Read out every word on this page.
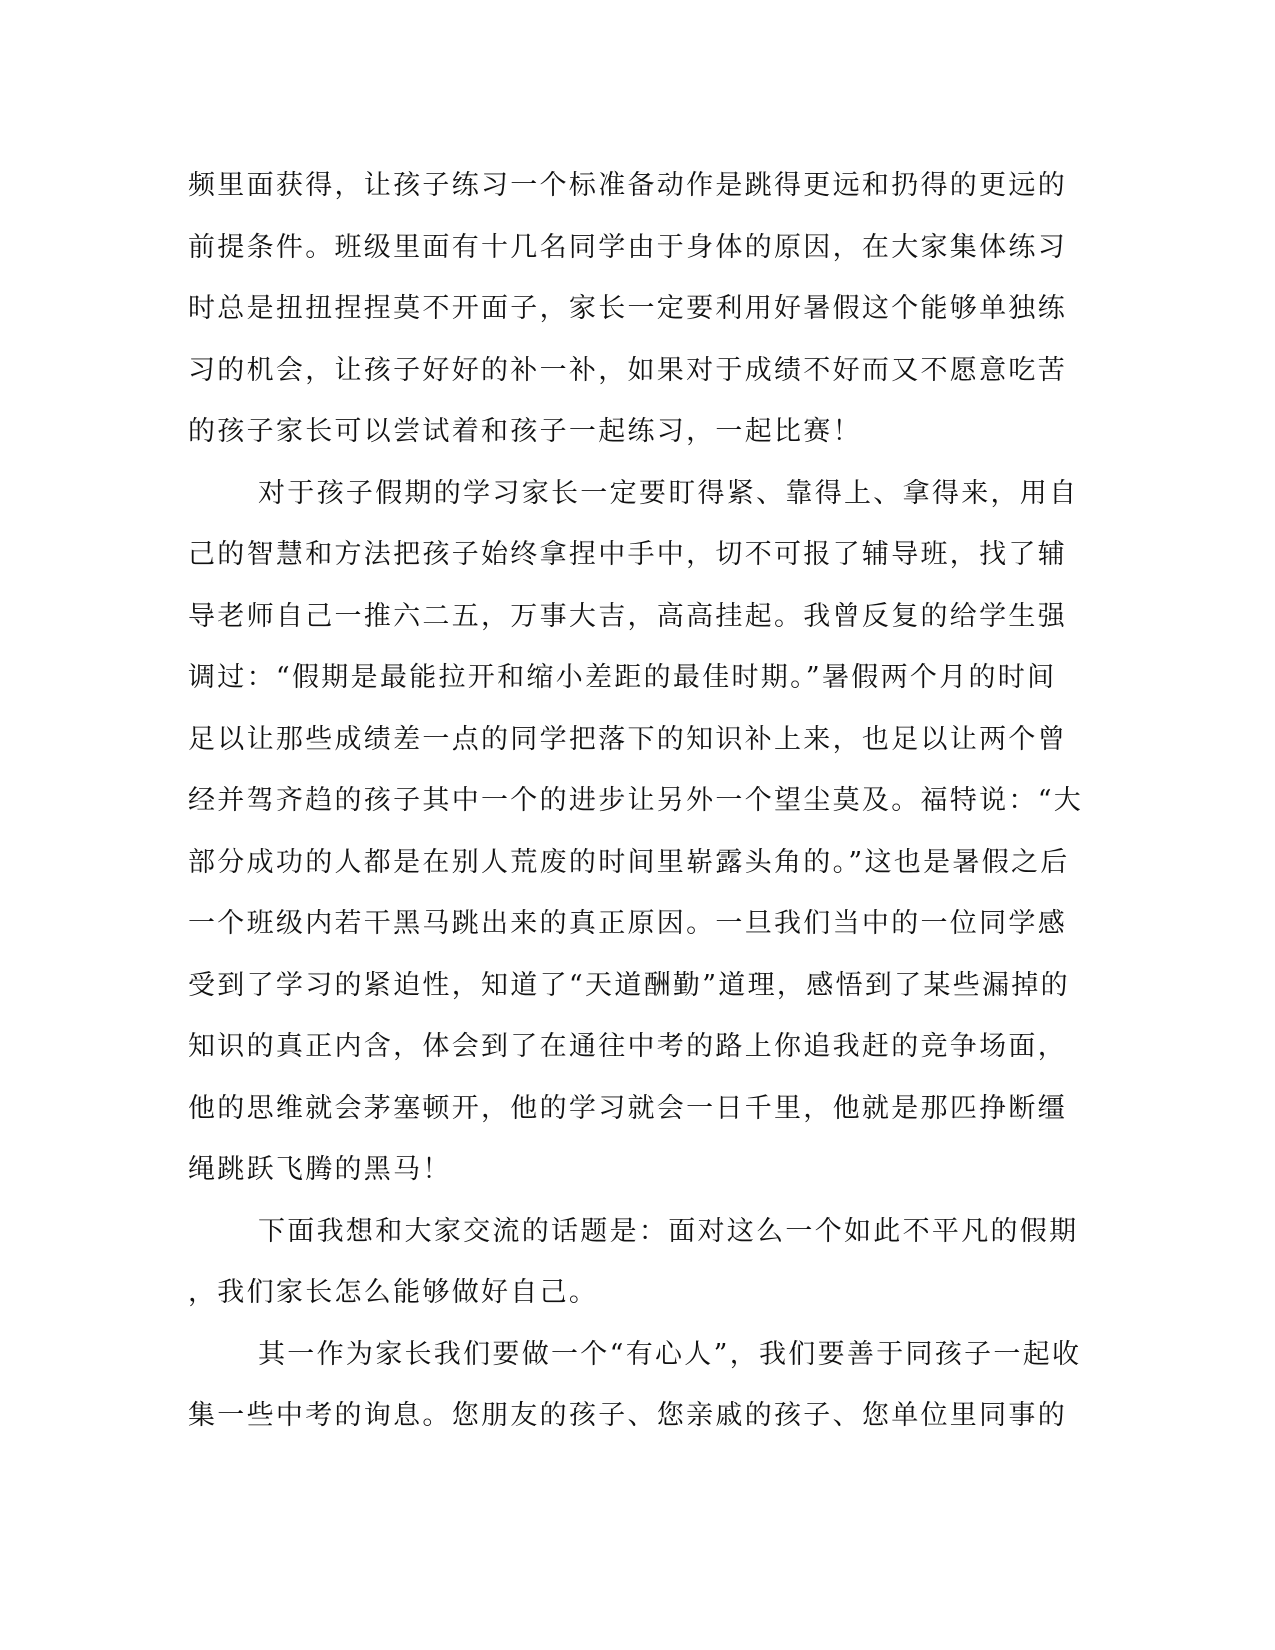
频里面获得，让孩子练习一个标准备动作是跳得更远和扔得的更远的
前提条件。班级里面有十几名同学由于身体的原因，在大家集体练习
时总是扭扭捏捏莫不开面子，家长一定要利用好暑假这个能够单独练
习的机会，让孩子好好的补一补，如果对于成绩不好而又不愿意吃苦
的孩子家长可以尝试着和孩子一起练习，一起比赛！
对于孩子假期的学习家长一定要盯得紧、靠得上、拿得来，用自
己的智慧和方法把孩子始终拿捏中手中，切不可报了辅导班，找了辅
导老师自己一推六二五，万事大吉，高高挂起。我曾反复的给学生强
调过：“假期是最能拉开和缩小差距的最佳时期。”暑假两个月的时间
足以让那些成绩差一点的同学把落下的知识补上来，也足以让两个曾
经并驾齐趋的孩子其中一个的进步让另外一个望尘莫及。福特说：“大
部分成功的人都是在别人荒废的时间里崭露头角的。”这也是暑假之后
一个班级内若干黑马跳出来的真正原因。一旦我们当中的一位同学感
受到了学习的紧迫性，知道了“天道酬勤”道理，感悟到了某些漏掉的
知识的真正内含，体会到了在通往中考的路上你追我赶的竞争场面，
他的思维就会茅塞顿开，他的学习就会一日千里，他就是那匹挣断缰
绳跳跃飞腾的黑马！
下面我想和大家交流的话题是：面对这么一个如此不平凡的假期
，我们家长怎么能够做好自己。
其一作为家长我们要做一个“有心人”，我们要善于同孩子一起收
集一些中考的询息。您朋友的孩子、您亲戚的孩子、您单位里同事的
